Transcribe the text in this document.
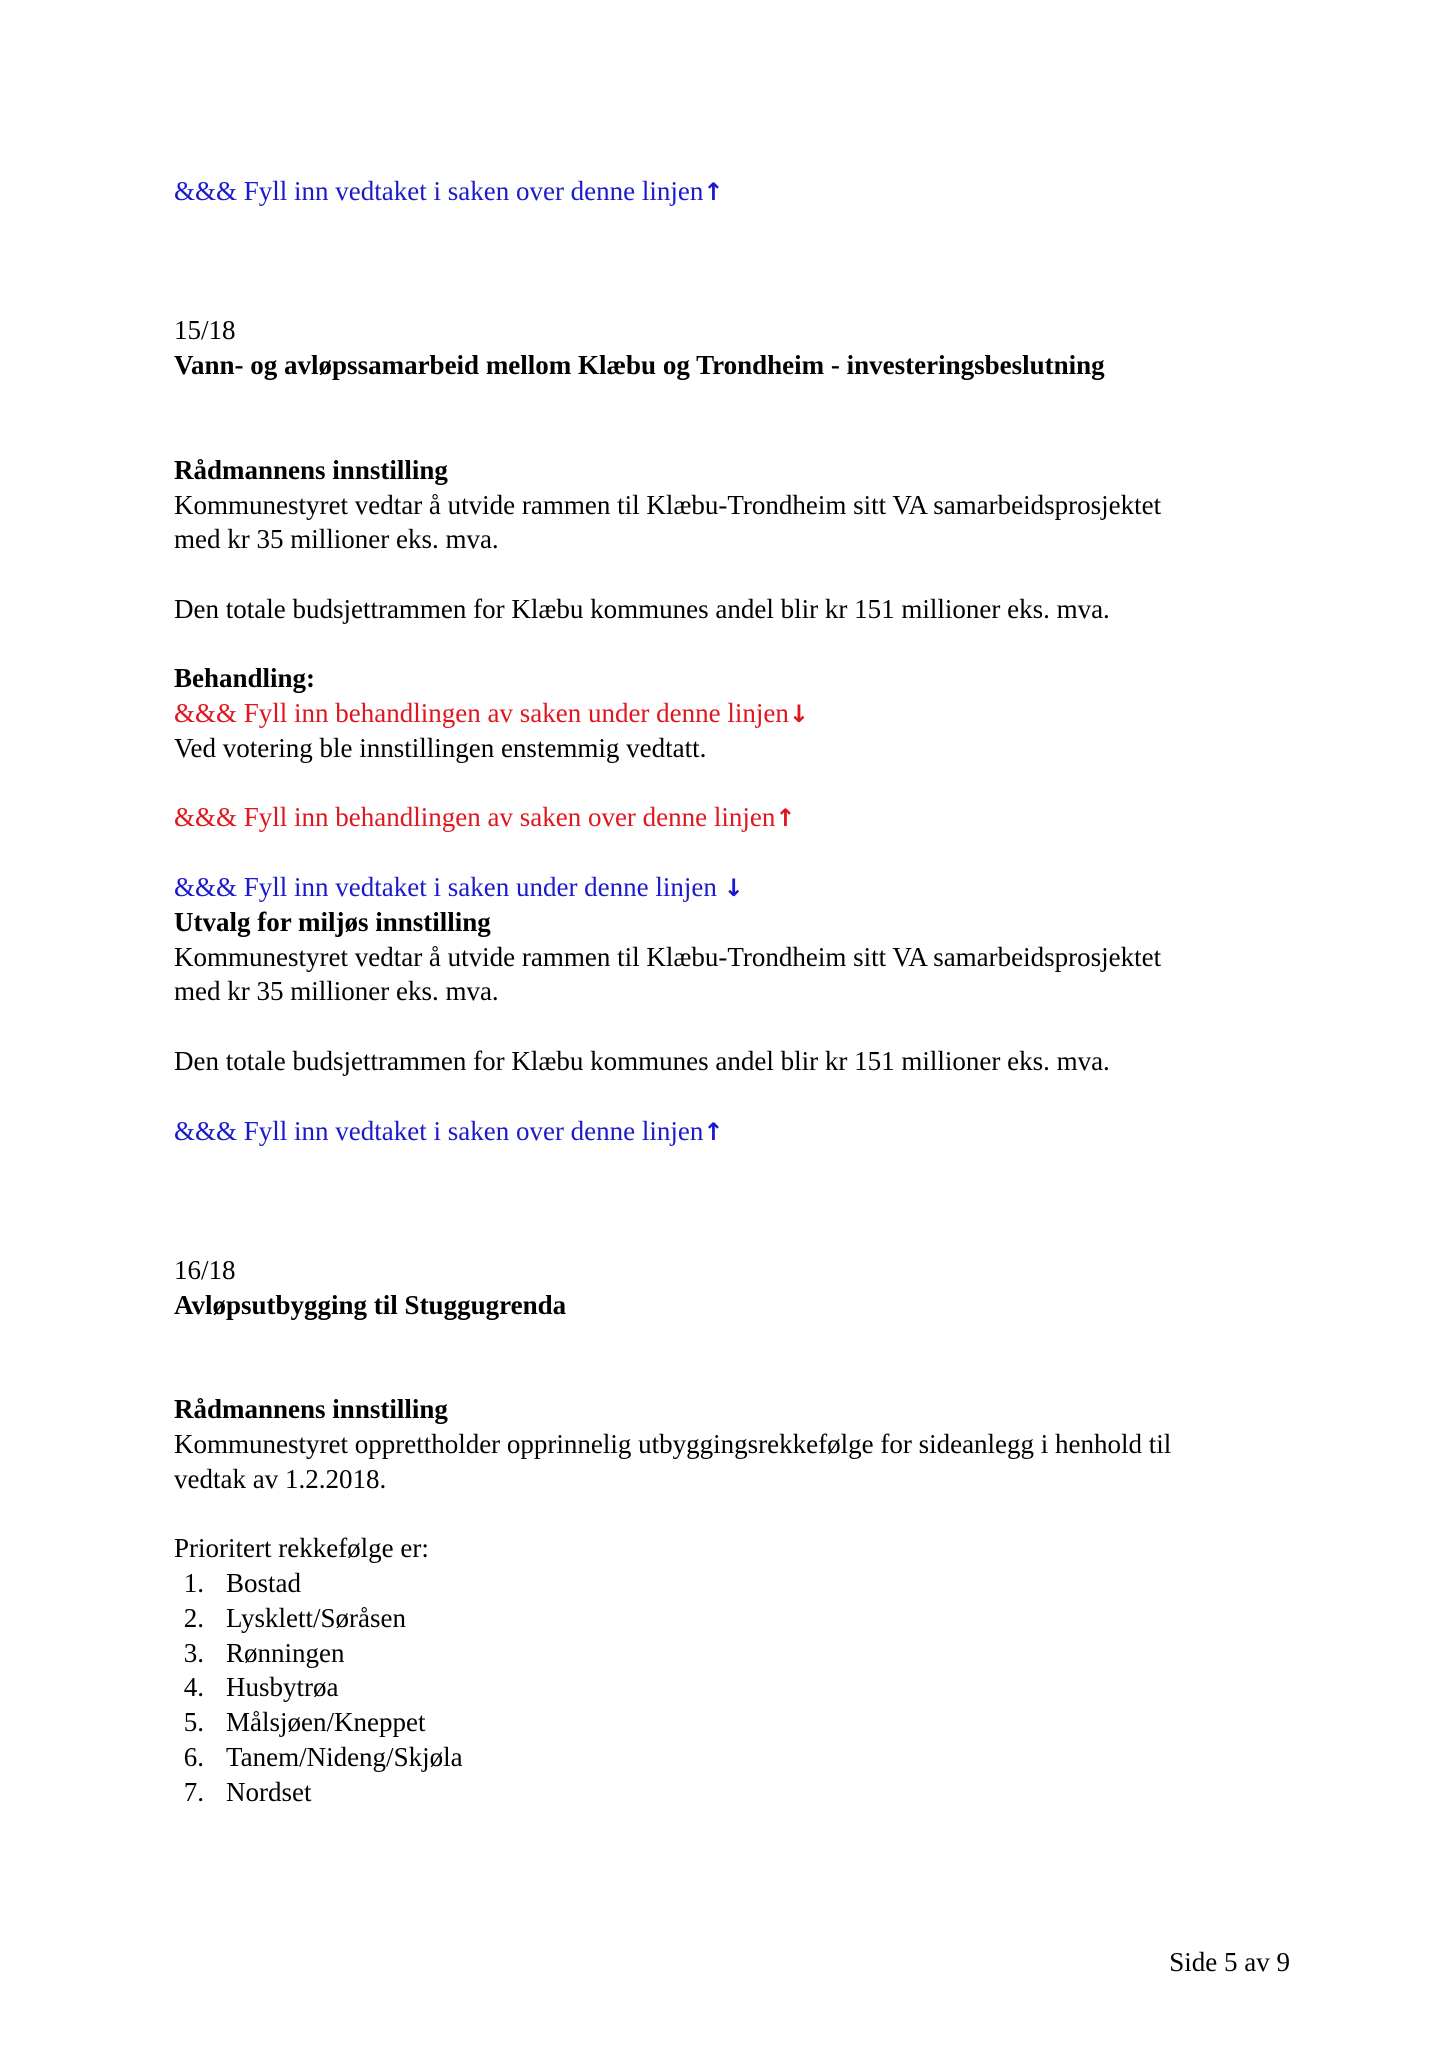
&&& Fyll inn vedtaket i saken over denne linjen↑
15/18
Vann- og avløpssamarbeid mellom Klæbu og Trondheim - investeringsbeslutning
Rådmannens innstilling
Kommunestyret vedtar å utvide rammen til Klæbu-Trondheim sitt VA samarbeidsprosjektet
med kr 35 millioner eks. mva.
Den totale budsjettrammen for Klæbu kommunes andel blir kr 151 millioner eks. mva.
Behandling:
&&& Fyll inn behandlingen av saken under denne linjen↓
Ved votering ble innstillingen enstemmig vedtatt.
&&& Fyll inn behandlingen av saken over denne linjen↑
&&& Fyll inn vedtaket i saken under denne linjen ↓
Utvalg for miljøs innstilling
Kommunestyret vedtar å utvide rammen til Klæbu-Trondheim sitt VA samarbeidsprosjektet
med kr 35 millioner eks. mva.
Den totale budsjettrammen for Klæbu kommunes andel blir kr 151 millioner eks. mva.
&&& Fyll inn vedtaket i saken over denne linjen↑
16/18
Avløpsutbygging til Stuggugrenda
Rådmannens innstilling
Kommunestyret opprettholder opprinnelig utbyggingsrekkefølge for sideanlegg i henhold til
vedtak av 1.2.2018.
Prioritert rekkefølge er:
1. Bostad
2. Lysklett/Søråsen
3. Rønningen
4. Husbytrøa
5. Målsjøen/Kneppet
6. Tanem/Nideng/Skjøla
7. Nordset
Side 5 av 9
